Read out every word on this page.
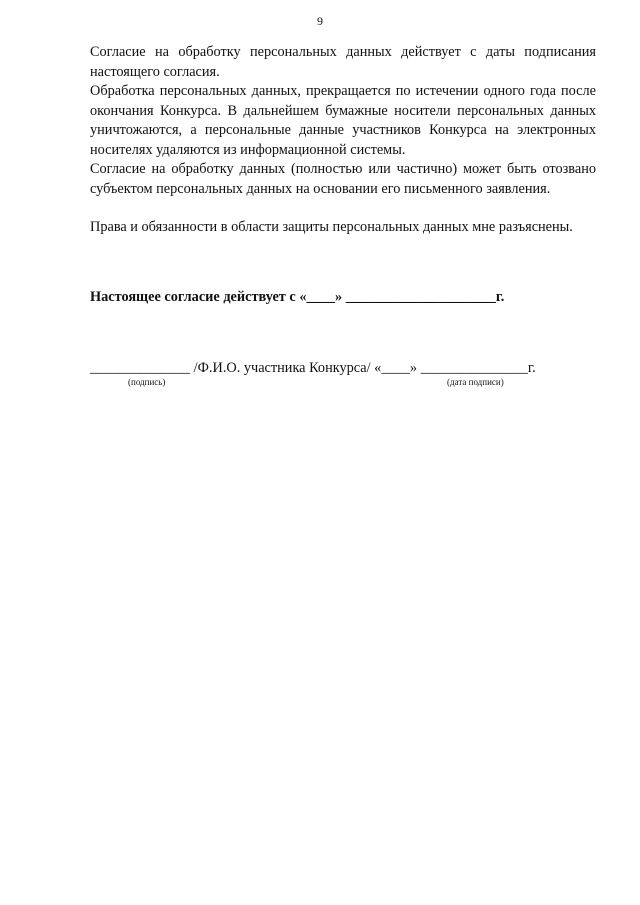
9

Согласие на обработку персональных данных действует с даты подписания настоящего согласия.

Обработка персональных данных, прекращается по истечении одного года после окончания Конкурса. В дальнейшем бумажные носители персональных данных уничтожаются, а персональные данные участников Конкурса на электронных носителях удаляются из информационной системы.

Согласие на обработку данных (полностью или частично) может быть отозвано субъектом персональных данных на основании его письменного заявления.

Права и обязанности в области защиты персональных данных мне разъяснены.

Настоящее согласие действует с «____» _____________________г.
______________ /Ф.И.О. участника Конкурса/ «____» _______________г.
(подпись)	(дата подписи)
